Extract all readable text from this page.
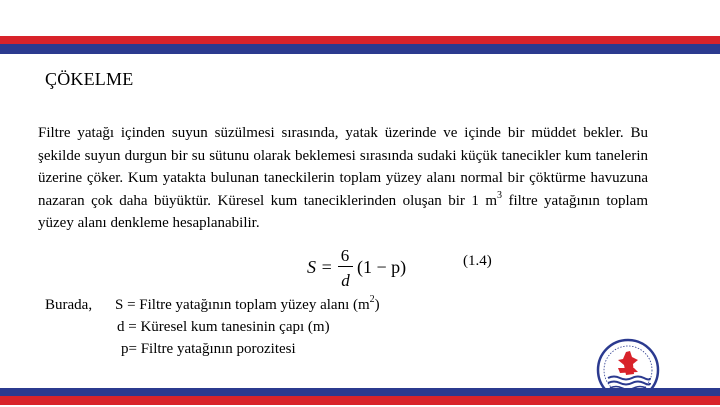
ÇÖKELME
Filtre yatağı içinden suyun süzülmesi sırasında, yatak üzerinde ve içinde bir müddet bekler. Bu şekilde suyun durgun bir su sütunu olarak beklemesi sırasında sudaki küçük tanecikler kum tanelerin üzerine çöker. Kum yatakta bulunan taneckilerin toplam yüzey alanı normal bir çöktürme havuzuna nazaran çok daha büyüktür. Küresel kum taneciklerinden oluşan bir 1 $m^3$ filtre yatağının toplam yüzey alanı denkleme hesaplanabilir.
S =
6
d
(1 − p)	(1.4)
Burada, S = Filtre yatağının toplam yüzey alanı $(m^2)$
d = Küresel kum tanesinin çapı (m)
p= Filtre yatağının porozitesi
